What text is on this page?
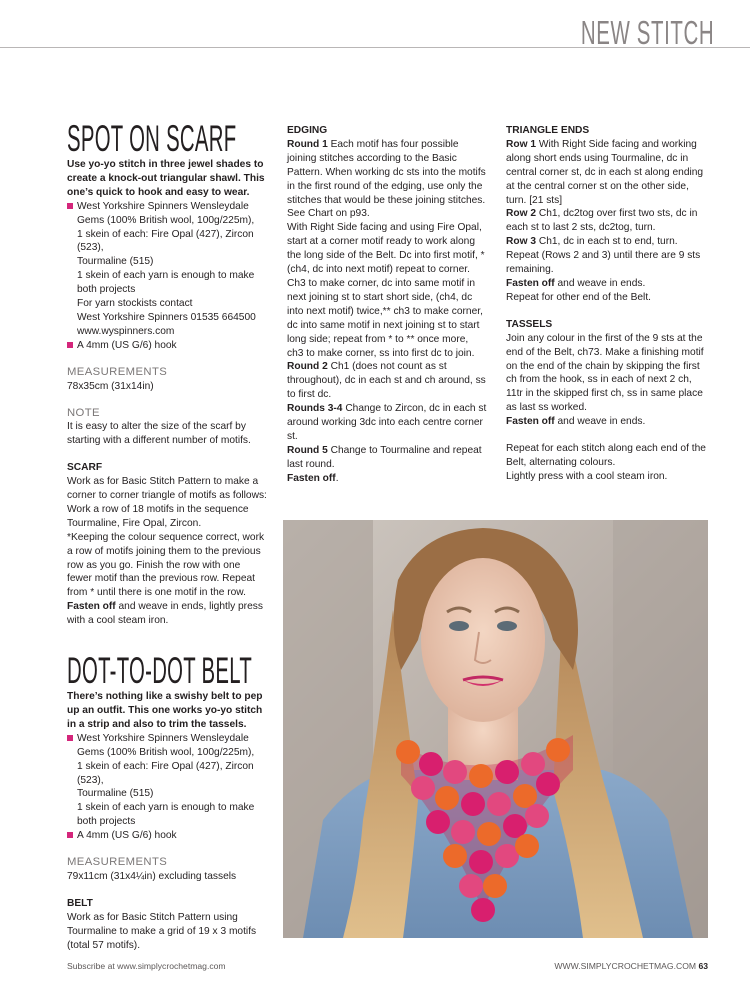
NEW STITCH
SPOT ON SCARF

Use yo-yo stitch in three jewel shades to create a knock-out triangular shawl. This one’s quick to hook and easy to wear.

West Yorkshire Spinners Wensleydale

Gems (100% British wool, 100g/225m),

1 skein of each: Fire Opal (427), Zircon (523),

Tourmaline (515)

1 skein of each yarn is enough to make

both projects

For yarn stockists contact

West Yorkshire Spinners 01535 664500

www.wyspinners.com

A 4mm (US G/6) hook

MEASUREMENTS

78x35cm (31x14in)

NOTE

It is easy to alter the size of the scarf by starting with a different number of motifs.

SCARF

Work as for Basic Stitch Pattern to make a corner to corner triangle of motifs as follows:

Work a row of 18 motifs in the sequence Tourmaline, Fire Opal, Zircon.

*Keeping the colour sequence correct, work a row of motifs joining them to the previous row as you go. Finish the row with one fewer motif than the previous row. Repeat from * until there is one motif in the row.

Fasten off and weave in ends, lightly press with a cool steam iron.

DOT-TO-DOT BELT

There’s nothing like a swishy belt to pep up an outfit. This one works yo-yo stitch in a strip and also to trim the tassels.

West Yorkshire Spinners Wensleydale

Gems (100% British wool, 100g/225m),

1 skein of each: Fire Opal (427), Zircon (523),

Tourmaline (515)

1 skein of each yarn is enough to make

both projects

A 4mm (US G/6) hook

MEASUREMENTS

79x11cm (31x4¼in) excluding tassels

BELT

Work as for Basic Stitch Pattern using Tourmaline to make a grid of 19 x 3 motifs (total 57 motifs).

EDGING

Round 1 Each motif has four possible joining stitches according to the Basic Pattern. When working dc sts into the motifs in the first round of the edging, use only the stitches that would be these joining stitches. See Chart on p93.

With Right Side facing and using Fire Opal, start at a corner motif ready to work along the long side of the Belt. Dc into first motif, *(ch4, dc into next motif) repeat to corner. Ch3 to make corner, dc into same motif in next joining st to start short side, (ch4, dc into next motif) twice,** ch3 to make corner, dc into same motif in next joining st to start long side; repeat from * to ** once more, ch3 to make corner, ss into first dc to join.

Round 2 Ch1 (does not count as st throughout), dc in each st and ch around, ss to first dc.

Rounds 3-4 Change to Zircon, dc in each st around working 3dc into each centre corner st.

Round 5 Change to Tourmaline and repeat last round.

Fasten off.

TRIANGLE ENDS

Row 1 With Right Side facing and working along short ends using Tourmaline, dc in central corner st, dc in each st along ending at the central corner st on the other side, turn. [21 sts]

Row 2 Ch1, dc2tog over first two sts, dc in each st to last 2 sts, dc2tog, turn.

Row 3 Ch1, dc in each st to end, turn.

Repeat (Rows 2 and 3) until there are 9 sts remaining.

Fasten off and weave in ends.

Repeat for other end of the Belt.

TASSELS

Join any colour in the first of the 9 sts at the end of the Belt, ch73. Make a finishing motif on the end of the chain by skipping the first ch from the hook, ss in each of next 2 ch, 11tr in the skipped first ch, ss in same place as last ss worked.

Fasten off and weave in ends.

Repeat for each stitch along each end of the Belt, alternating colours.

Lightly press with a cool steam iron.

Subscribe at www.simplycrochetmag.com	WWW.SIMPLYCROCHETMAG.COM 63
